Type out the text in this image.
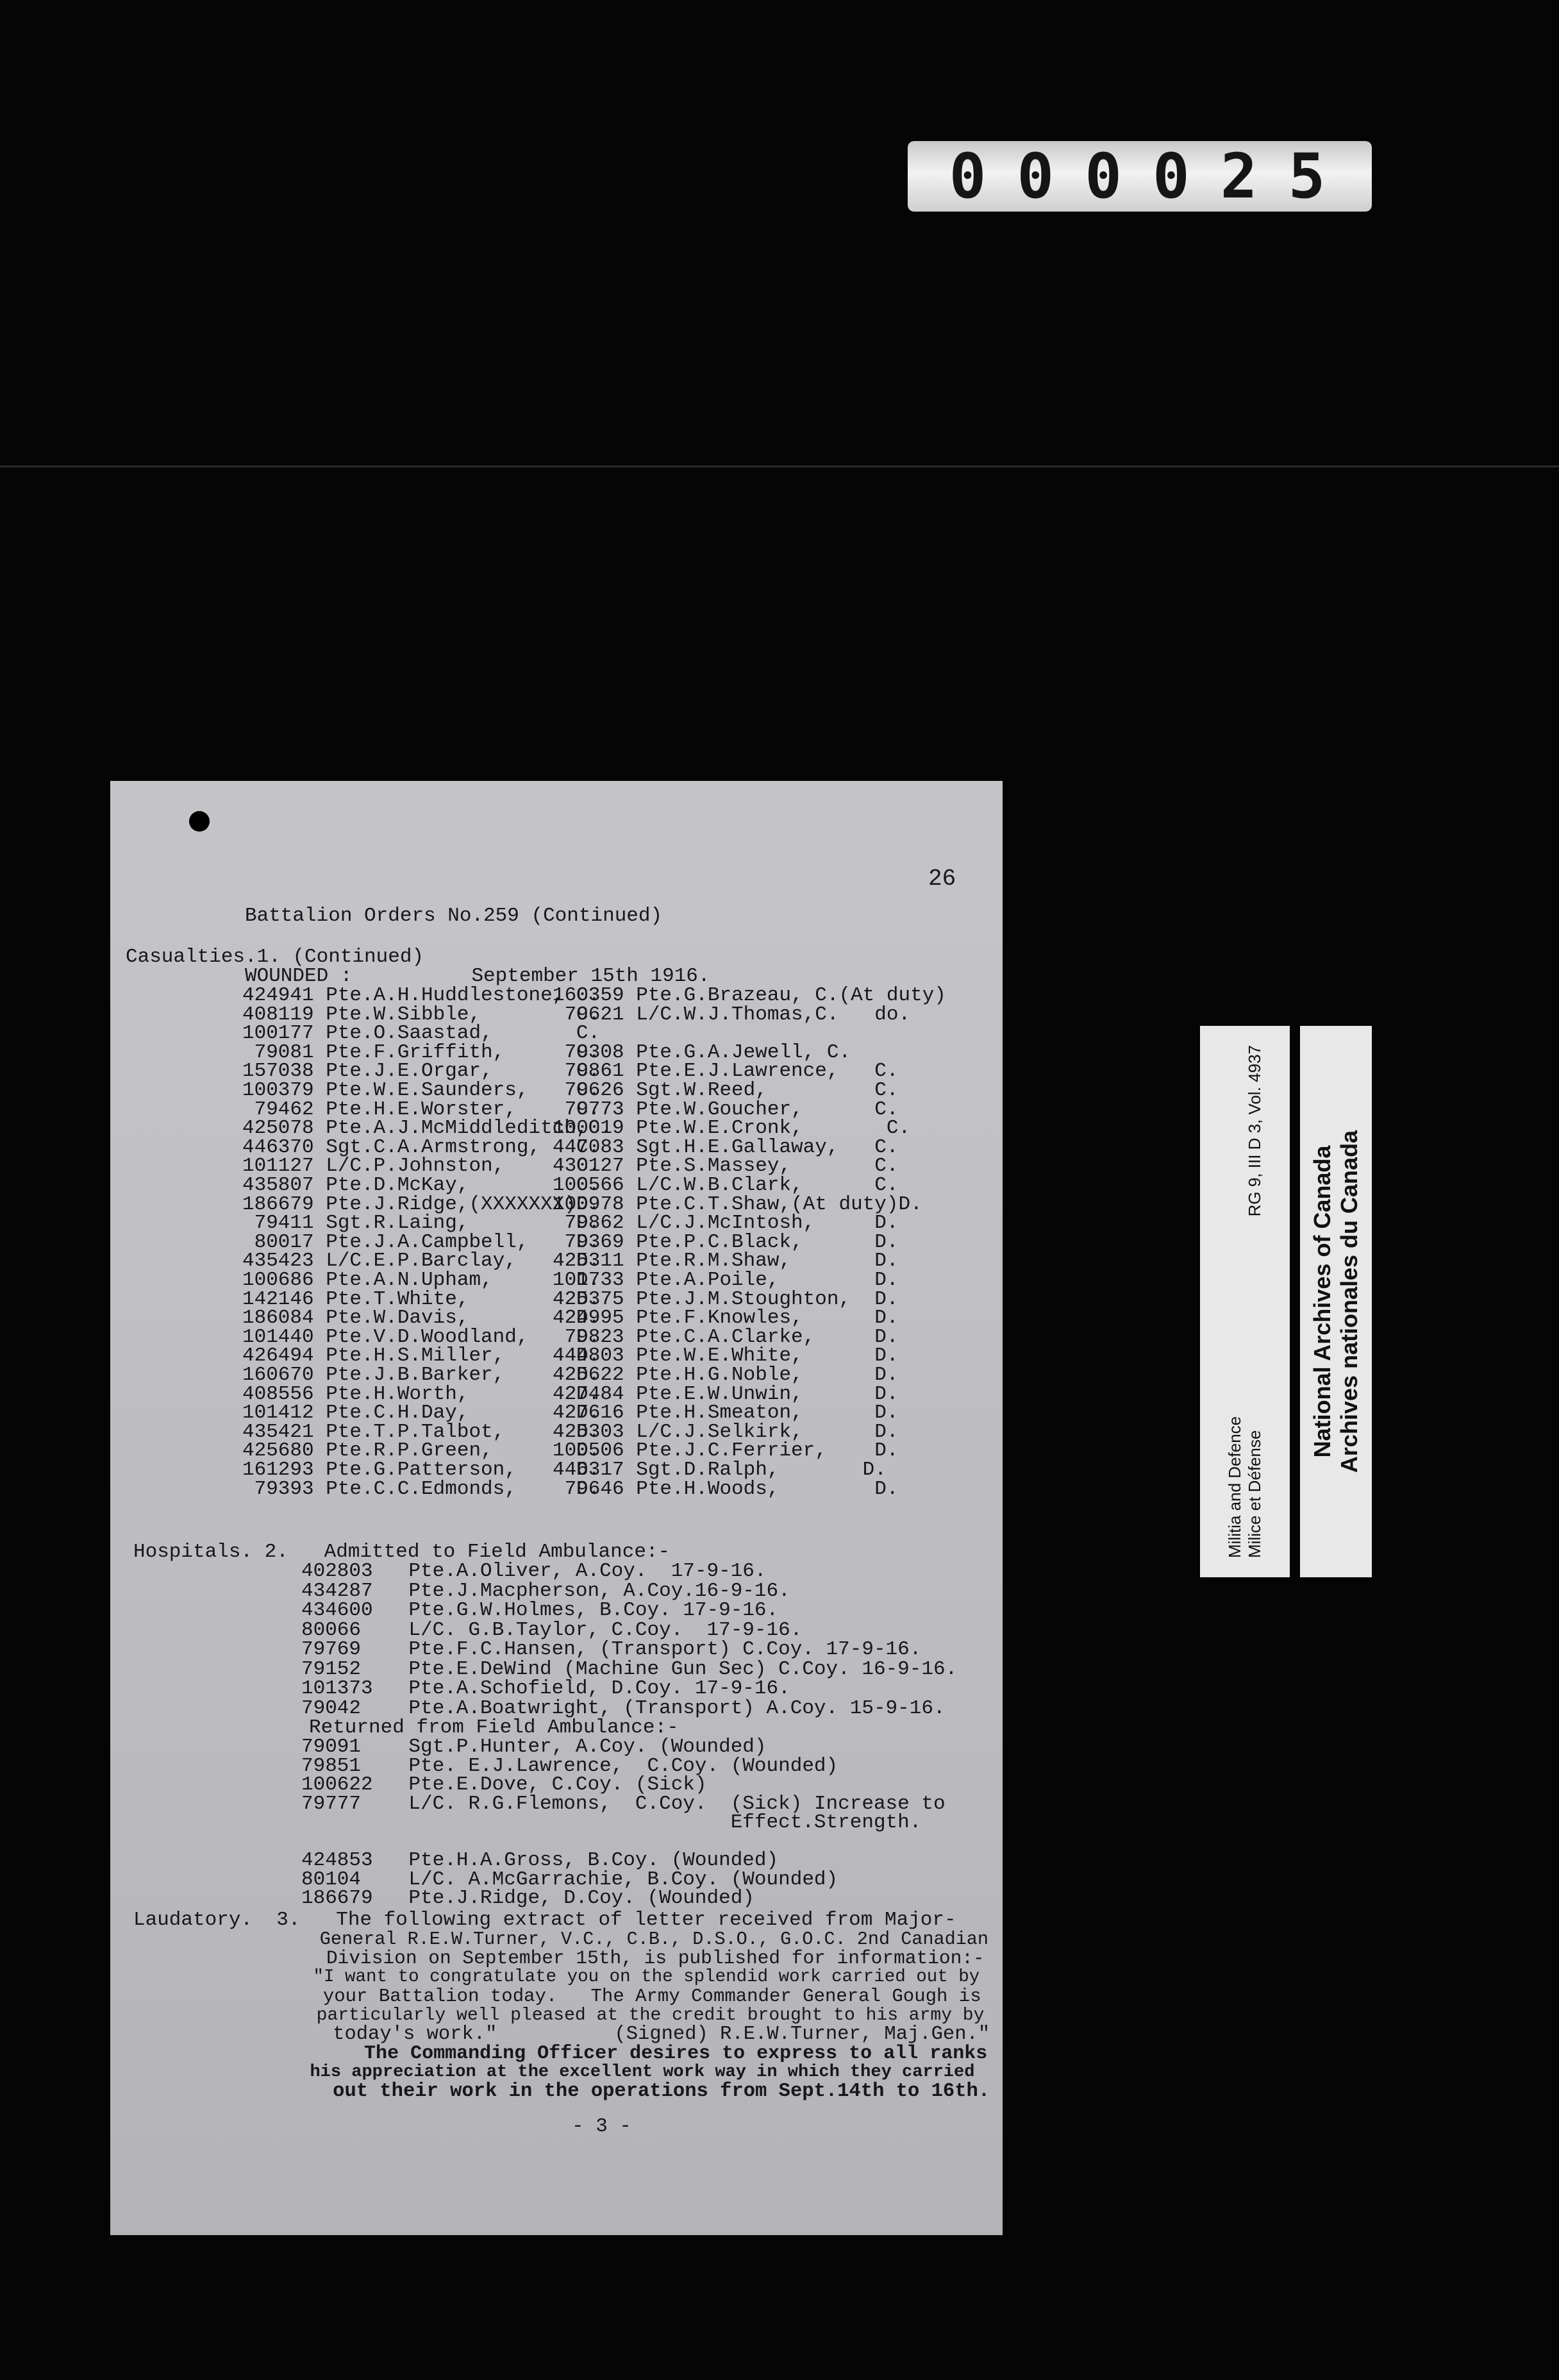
000025
Militia and Defence Milice et Défense
RG 9, III D 3, Vol. 4937
National Archives of Canada Archives nationales du Canada
26
Battalion Orders No.259 (Continued)
Casualties.1. (Continued)
WOUNDED :          September 15th 1916.
424941 Pte.A.H.Huddlestone, C.
160359 Pte.G.Brazeau, C.(At duty)
408119 Pte.W.Sibble,        C.
79621 L/C.W.J.Thomas,C.   do.
100177 Pte.O.Saastad,       C.
79081 Pte.F.Griffith,      C.
79308 Pte.G.A.Jewell, C.
157038 Pte.J.E.Orgar,       C.
79861 Pte.E.J.Lawrence,   C.
100379 Pte.W.E.Saunders,    C.
79626 Sgt.W.Reed,         C.
79462 Pte.H.E.Worster,     C.
79773 Pte.W.Goucher,      C.
425078 Pte.A.J.McMiddleditch,C.
100019 Pte.W.E.Cronk,       C.
446370 Sgt.C.A.Armstrong,   C.
447083 Sgt.H.E.Gallaway,   C.
101127 L/C.P.Johnston,      C.
430127 Pte.S.Massey,       C.
435807 Pte.D.McKay,         C.
100566 L/C.W.B.Clark,      C.
186679 Pte.J.Ridge,(XXXXXXX)D.
100978 Pte.C.T.Shaw,(At duty)D.
79411 Sgt.R.Laing,         D.
79862 L/C.J.McIntosh,     D.
80017 Pte.J.A.Campbell,    D.
79369 Pte.P.C.Black,      D.
435423 L/C.E.P.Barclay,     D.
425311 Pte.R.M.Shaw,       D.
100686 Pte.A.N.Upham,       D.
101733 Pte.A.Poile,        D.
142146 Pte.T.White,         D.
425375 Pte.J.M.Stoughton,  D.
186084 Pte.W.Davis,         D.
424995 Pte.F.Knowles,      D.
101440 Pte.V.D.Woodland,    D.
79823 Pte.C.A.Clarke,     D.
426494 Pte.H.S.Miller,      D.
444803 Pte.W.E.White,      D.
160670 Pte.J.B.Barker,      D.
425622 Pte.H.G.Noble,      D.
408556 Pte.H.Worth,         D.
427484 Pte.E.W.Unwin,      D.
101412 Pte.C.H.Day,         D.
427616 Pte.H.Smeaton,      D.
435421 Pte.T.P.Talbot,      D.
425303 L/C.J.Selkirk,      D.
425680 Pte.R.P.Green,       D.
100506 Pte.J.C.Ferrier,    D.
161293 Pte.G.Patterson,     D.
446317 Sgt.D.Ralph,       D.
79393 Pte.C.C.Edmonds,     D.
79646 Pte.H.Woods,        D.
Hospitals. 2.   Admitted to Field Ambulance:-
402803   Pte.A.Oliver, A.Coy.  17-9-16.
434287   Pte.J.Macpherson, A.Coy.16-9-16.
434600   Pte.G.W.Holmes, B.Coy. 17-9-16.
80066    L/C. G.B.Taylor, C.Coy.  17-9-16.
79769    Pte.F.C.Hansen, (Transport) C.Coy. 17-9-16.
79152    Pte.E.DeWind (Machine Gun Sec) C.Coy. 16-9-16.
101373   Pte.A.Schofield, D.Coy. 17-9-16.
79042    Pte.A.Boatwright, (Transport) A.Coy. 15-9-16.
Returned from Field Ambulance:-
79091    Sgt.P.Hunter, A.Coy. (Wounded)
79851    Pte. E.J.Lawrence,  C.Coy. (Wounded)
100622   Pte.E.Dove, C.Coy. (Sick)
79777    L/C. R.G.Flemons,  C.Coy.  (Sick) Increase to
Effect.Strength.
424853   Pte.H.A.Gross, B.Coy. (Wounded)
80104    L/C. A.McGarrachie, B.Coy. (Wounded)
186679   Pte.J.Ridge, D.Coy. (Wounded)
Laudatory.  3.   The following extract of letter received from Major-
General R.E.W.Turner, V.C., C.B., D.S.O., G.O.C. 2nd Canadian
Division on September 15th, is published for information:-
"I want to congratulate you on the splendid work carried out by
your Battalion today.   The Army Commander General Gough is
particularly well pleased at the credit brought to his army by
today's work."          (Signed) R.E.W.Turner, Maj.Gen."
The Commanding Officer desires to express to all ranks
his appreciation at the excellent work way in which they carried
out their work in the operations from Sept.14th to 16th.
- 3 -
